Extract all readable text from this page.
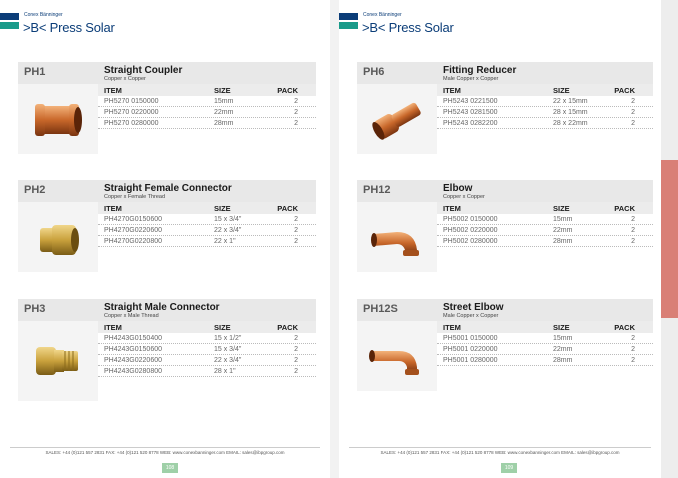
Conex Bänninger
>B< Press Solar
PH1	Straight Coupler
Copper x Copper
ITEM	SIZE	PACK
PH5270 0150000	15mm	2
PH5270 0220000	22mm	2
PH5270 0280000	28mm	2
PH2	Straight Female Connector
Copper x Female Thread
ITEM	SIZE	PACK
PH4270G0150600	15 x 3/4"	2
PH4270G0220600	22 x 3/4"	2
PH4270G0220800	22 x 1"	2
PH3	Straight Male Connector
Copper x Male Thread
ITEM	SIZE	PACK
PH4243G0150400	15 x 1/2"	2
PH4243G0150600	15 x 3/4"	2
PH4243G0220600	22 x 3/4"	2
PH4243G0280800	28 x 1"	2
SALES: +44 (0)121 557 2831 FAX: +44 (0)121 520 8778 WEB: www.conexbanninger.com EMAIL: sales@ibpgroup.com
108
Conex Bänninger
>B< Press Solar
PH6	Fitting Reducer
Male Copper x Copper
ITEM	SIZE	PACK
PH5243 0221500	22 x 15mm	2
PH5243 0281500	28 x 15mm	2
PH5243 0282200	28 x 22mm	2
PH12	Elbow
Copper x Copper
ITEM	SIZE	PACK
PH5002 0150000	15mm	2
PH5002 0220000	22mm	2
PH5002 0280000	28mm	2
PH12S	Street Elbow
Male Copper x Copper
ITEM	SIZE	PACK
PH5001 0150000	15mm	2
PH5001 0220000	22mm	2
PH5001 0280000	28mm	2
SALES: +44 (0)121 557 2831 FAX: +44 (0)121 520 8778 WEB: www.conexbanninger.com EMAIL: sales@ibpgroup.com
109
